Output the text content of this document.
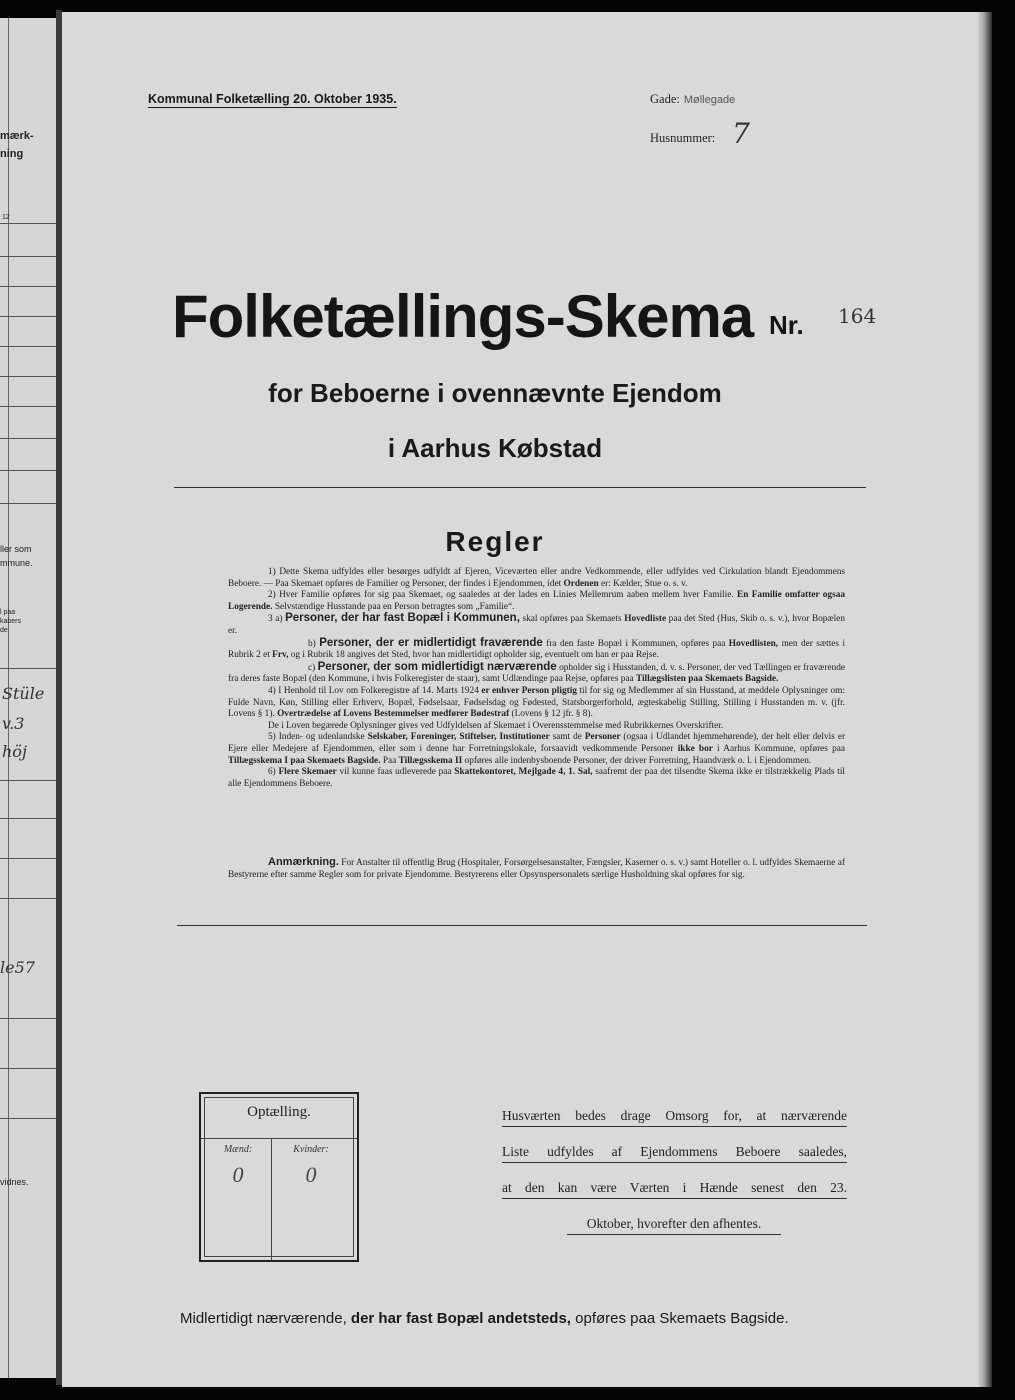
mærk-
ning
12
ller som
mmune.
l paa
kabers
de
Stüle
v.3
höj
le57
vidnes.
Kommunal Folketælling 20. Oktober 1935.	Gade: Møllegade
Husnummer: 7
Folketællings-Skema Nr. 164
for Beboerne i ovennævnte Ejendom
i Aarhus Købstad
Regler

1) Dette Skema udfyldes eller besørges udfyldt af Ejeren, Viceværten eller andre Vedkommende, eller udfyldes ved Cirkulation blandt Ejendommens Beboere. — Paa Skemaet opføres de Familier og Personer, der findes i Ejendommen, idet Ordenen er: Kælder, Stue o. s. v.

2) Hver Familie opføres for sig paa Skemaet, og saaledes at der lades en Linies Mellemrum aaben mellem hver Familie. En Familie omfatter ogsaa Logerende. Selvstændige Husstande paa en Person betragtes som „Familie“.

3 a) Personer, der har fast Bopæl i Kommunen, skal opføres paa Skemaets Hovedliste paa det Sted (Hus, Skib o. s. v.), hvor Bopælen er.

b) Personer, der er midlertidigt fraværende fra den faste Bopæl i Kommunen, opføres paa Hovedlisten, men der sættes i Rubrik 2 et Frv, og i Rubrik 18 angives det Sted, hvor han midlertidigt opholder sig, eventuelt om han er paa Rejse.

c) Personer, der som midlertidigt nærværende opholder sig i Husstanden, d. v. s. Personer, der ved Tællingen er fraværende fra deres faste Bopæl (den Kommune, i hvis Folkeregister de staar), samt Udlændinge paa Rejse, opføres paa Tillægslisten paa Skemaets Bagside.

4) I Henhold til Lov om Folkeregistre af 14. Marts 1924 er enhver Person pligtig til for sig og Medlemmer af sin Husstand, at meddele Oplysninger om: Fulde Navn, Køn, Stilling eller Erhverv, Bopæl, Fødselsaar, Fødselsdag og Fødested, Statsborgerforhold, ægteskabelig Stilling, Stilling i Husstanden m. v. (jfr. Lovens § 1). Overtrædelse af Lovens Bestemmelser medfører Bødestraf (Lovens § 12 jfr. § 8).

De i Loven begærede Oplysninger gives ved Udfyldelsen af Skemaet i Overensstemmelse med Rubrikkernes Overskrifter.

5) Inden- og udenlandske Selskaber, Foreninger, Stiftelser, Institutioner samt de Personer (ogsaa i Udlandet hjemmehørende), der helt eller delvis er Ejere eller Medejere af Ejendommen, eller som i denne har Forretningslokale, forsaavidt vedkommende Personer ikke bor i Aarhus Kommune, opføres paa Tillægsskema I paa Skemaets Bagside. Paa Tillægsskema II opføres alle indenbysboende Personer, der driver Forretning, Haandværk o. l. i Ejendommen.

6) Flere Skemaer vil kunne faas udleverede paa Skattekontoret, Mejlgade 4, 1. Sal, saafremt der paa det tilsendte Skema ikke er tilstrækkelig Plads til alle Ejendommens Beboere.

Anmærkning. For Anstalter til offentlig Brug (Hospitaler, Forsørgelsesanstalter, Fængsler, Kaserner o. s. v.) samt Hoteller o. l. udfyldes Skemaerne af Bestyrerne efter samme Regler som for private Ejendomme. Bestyrerens eller Opsynspersonalets særlige Husholdning skal opføres for sig.

Optælling.
Mænd:	Kvinder:
0	0
Husværten bedes drage Omsorg for, at nærværende
Liste udfyldes af Ejendommens Beboere saaledes,
at den kan være Værten i Hænde senest den 23.
Oktober, hvorefter den afhentes.
Midlertidigt nærværende, der har fast Bopæl andetsteds, opføres paa Skemaets Bagside.
